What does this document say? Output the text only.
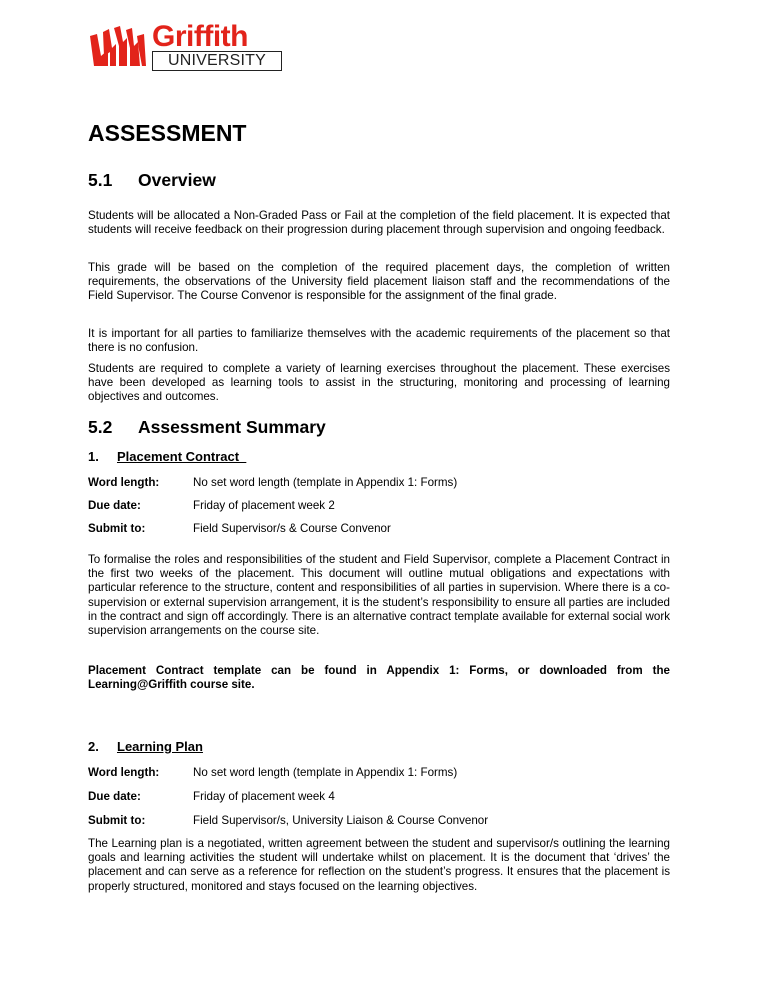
Griffith
UNIVERSITY
ASSESSMENT
5.1 Overview

Students will be allocated a Non-Graded Pass or Fail at the completion of the field placement. It is expected that students will receive feedback on their progression during placement through supervision and ongoing feedback.

This grade will be based on the completion of the required placement days, the completion of written requirements, the observations of the University field placement liaison staff and the recommendations of the Field Supervisor. The Course Convenor is responsible for the assignment of the final grade.

It is important for all parties to familiarize themselves with the academic requirements of the placement so that there is no confusion.

Students are required to complete a variety of learning exercises throughout the placement. These exercises have been developed as learning tools to assist in the structuring, monitoring and processing of learning objectives and outcomes.

5.2 Assessment Summary
1. Placement Contract
Word length:	No set word length (template in Appendix 1: Forms)
Due date:	Friday of placement week 2
Submit to:	Field Supervisor/s & Course Convenor

To formalise the roles and responsibilities of the student and Field Supervisor, complete a Placement Contract in the first two weeks of the placement. This document will outline mutual obligations and expectations with particular reference to the structure, content and responsibilities of all parties in supervision. Where there is a co-supervision or external supervision arrangement, it is the student’s responsibility to ensure all parties are included in the contract and sign off accordingly. There is an alternative contract template available for external social work supervision arrangements on the course site.

Placement Contract template can be found in Appendix 1: Forms, or downloaded from the Learning@Griffith course site.

2. Learning Plan
Word length:	No set word length (template in Appendix 1: Forms)
Due date:	Friday of placement week 4
Submit to:	Field Supervisor/s, University Liaison & Course Convenor

The Learning plan is a negotiated, written agreement between the student and supervisor/s outlining the learning goals and learning activities the student will undertake whilst on placement. It is the document that ‘drives’ the placement and can serve as a reference for reflection on the student’s progress. It ensures that the placement is properly structured, monitored and stays focused on the learning objectives.
